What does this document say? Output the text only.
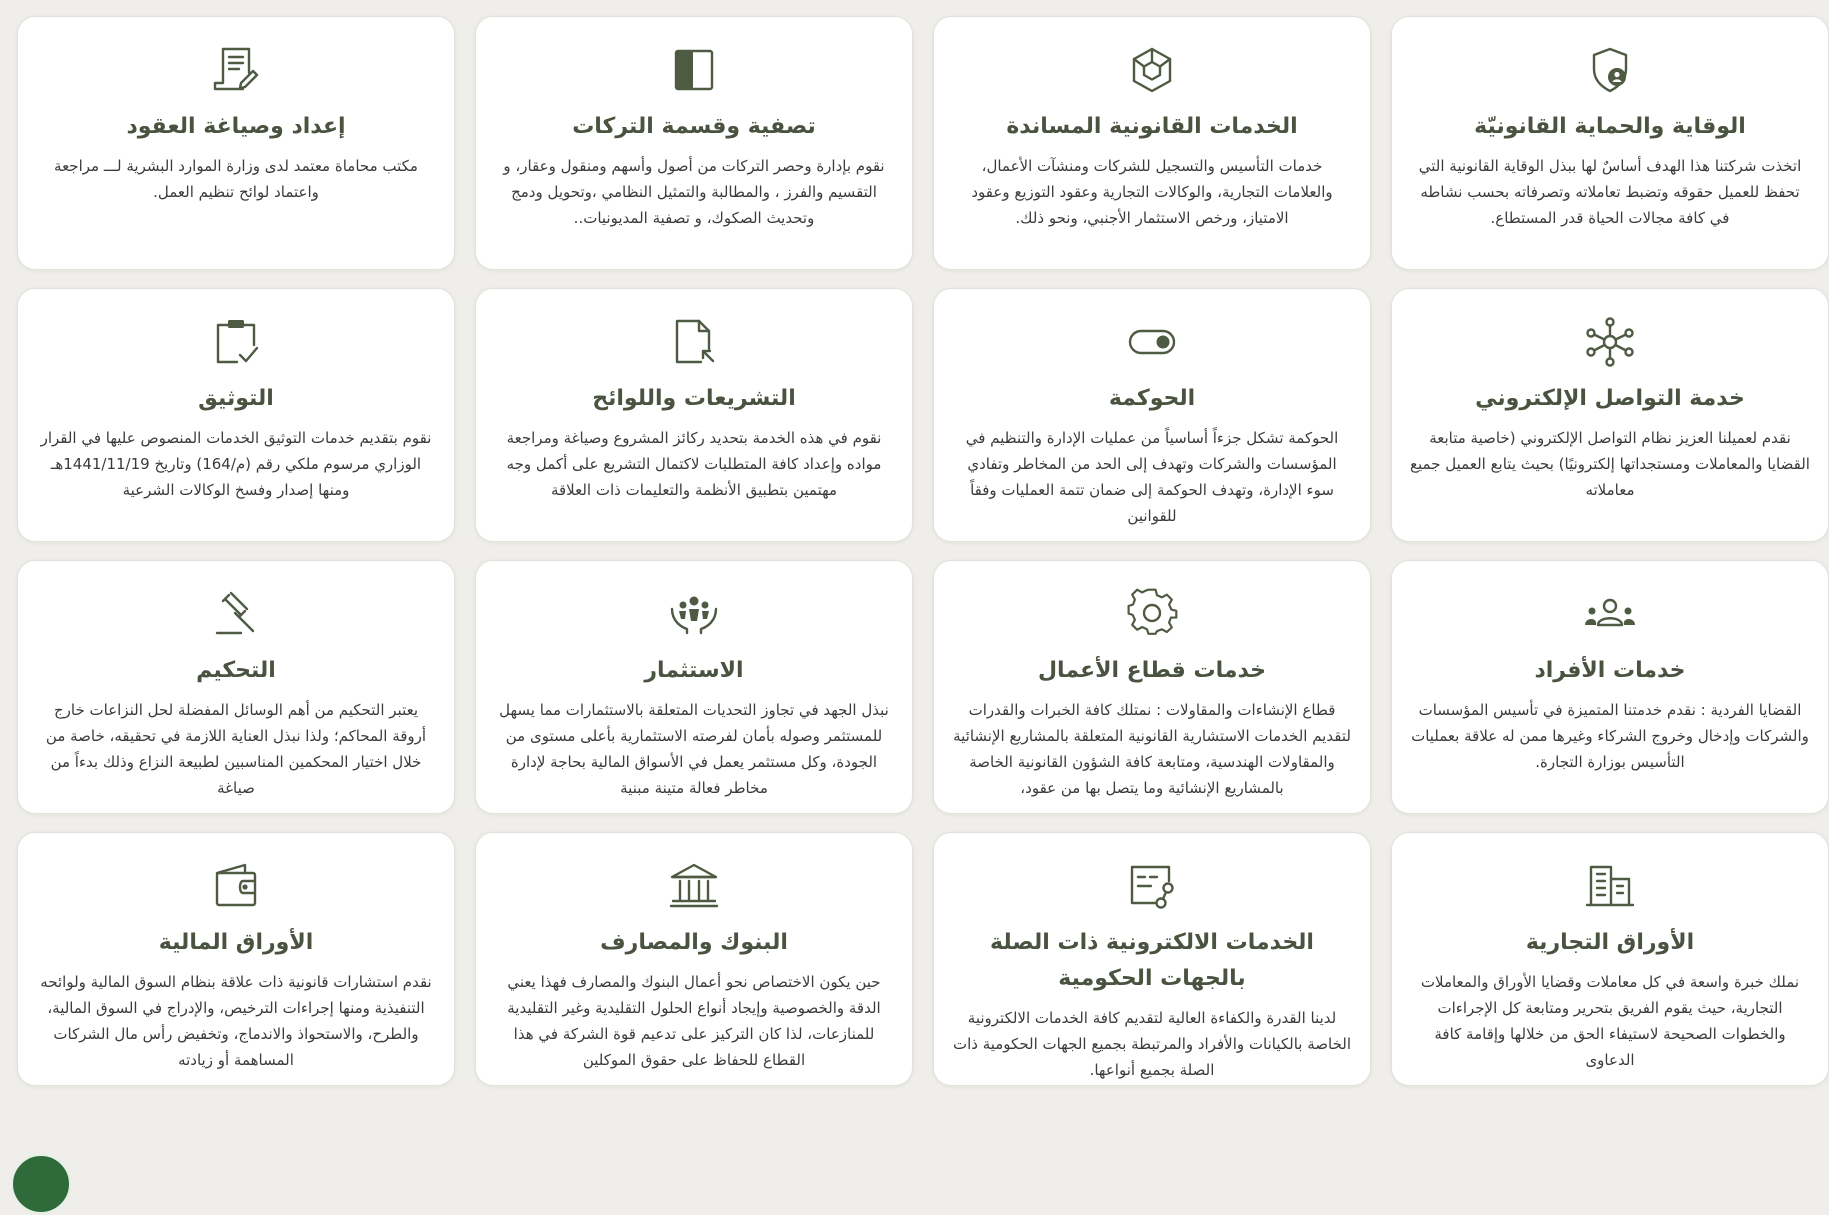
الوقاية والحماية القانونيّة

اتخذت شركتنا هذا الهدف أساسٌ لها ببذل الوقاية القانونية التي تحفظ للعميل حقوقه وتضبط تعاملاته وتصرفاته بحسب نشاطه في كافة مجالات الحياة قدر المستطاع.

الخدمات القانونية المساندة

خدمات التأسيس والتسجيل للشركات ومنشآت الأعمال، والعلامات التجارية، والوكالات التجارية وعقود التوزيع وعقود الامتياز، ورخص الاستثمار الأجنبي، ونحو ذلك.

تصفية وقسمة التركات

نقوم بإدارة وحصر التركات من أصول وأسهم ومنقول وعقار، و التقسيم والفرز ، والمطالبة والتمثيل النظامي ،وتحويل ودمج وتحديث الصكوك، و تصفية المديونيات..

إعداد وصياغة العقود

مكتب محاماة معتمد لدى وزارة الموارد البشرية لـــ مراجعة واعتماد لوائح تنظيم العمل.

خدمة التواصل الإلكتروني

نقدم لعميلنا العزيز نظام التواصل الإلكتروني (خاصية متابعة القضايا والمعاملات ومستجداتها إلكترونيًا) بحيث يتابع العميل جميع معاملاته

الحوكمة

الحوكمة تشكل جزءاً أساسياً من عمليات الإدارة والتنظيم في المؤسسات والشركات وتهدف إلى الحد من المخاطر وتفادي سوء الإدارة، وتهدف الحوكمة إلى ضمان تتمة العمليات وفقاً للقوانين

التشريعات واللوائح

نقوم في هذه الخدمة بتحديد ركائز المشروع وصياغة ومراجعة مواده وإعداد كافة المتطلبات لاكتمال التشريع على أكمل وجه مهتمين بتطبيق الأنظمة والتعليمات ذات العلاقة

التوثيق

نقوم بتقديم خدمات التوثيق الخدمات المنصوص عليها في القرار الوزاري مرسوم ملكي رقم (م/164) وتاريخ 1441/11/19هـ ومنها إصدار وفسخ الوكالات الشرعية

خدمات الأفراد

القضايا الفردية : نقدم خدمتنا المتميزة في تأسيس المؤسسات والشركات وإدخال وخروج الشركاء وغيرها ممن له علاقة بعمليات التأسيس بوزارة التجارة.

خدمات قطاع الأعمال

قطاع الإنشاءات والمقاولات : نمتلك كافة الخبرات والقدرات لتقديم الخدمات الاستشارية القانونية المتعلقة بالمشاريع الإنشائية والمقاولات الهندسية، ومتابعة كافة الشؤون القانونية الخاصة بالمشاريع الإنشائية وما يتصل بها من عقود،

الاستثمار

نبذل الجهد في تجاوز التحديات المتعلقة بالاستثمارات مما يسهل للمستثمر وصوله بأمان لفرصته الاستثمارية بأعلى مستوى من الجودة، وكل مستثمر يعمل في الأسواق المالية بحاجة لإدارة مخاطر فعالة متينة مبنية

التحكيم

يعتبر التحكيم من أهم الوسائل المفضلة لحل النزاعات خارج أروقة المحاكم؛ ولذا نبذل العناية اللازمة في تحقيقه، خاصة من خلال اختيار المحكمين المناسبين لطبيعة النزاع وذلك بدءاً من صياغة

الأوراق التجارية

نملك خبرة واسعة في كل معاملات وقضايا الأوراق والمعاملات التجارية، حيث يقوم الفريق بتحرير ومتابعة كل الإجراءات والخطوات الصحيحة لاستيفاء الحق من خلالها وإقامة كافة الدعاوى

الخدمات الالكترونية ذات الصلة بالجهات الحكومية

لدينا القدرة والكفاءة العالية لتقديم كافة الخدمات الالكترونية الخاصة بالكيانات والأفراد والمرتبطة بجميع الجهات الحكومية ذات الصلة بجميع أنواعها.

البنوك والمصارف

حين يكون الاختصاص نحو أعمال البنوك والمصارف فهذا يعني الدقة والخصوصية وإيجاد أنواع الحلول التقليدية وغير التقليدية للمنازعات، لذا كان التركيز على تدعيم قوة الشركة في هذا القطاع للحفاظ على حقوق الموكلين

الأوراق المالية

نقدم استشارات قانونية ذات علاقة بنظام السوق المالية ولوائحه التنفيذية ومنها إجراءات الترخيص، والإدراج في السوق المالية، والطرح، والاستحواذ والاندماج، وتخفيض رأس مال الشركات المساهمة أو زيادته
